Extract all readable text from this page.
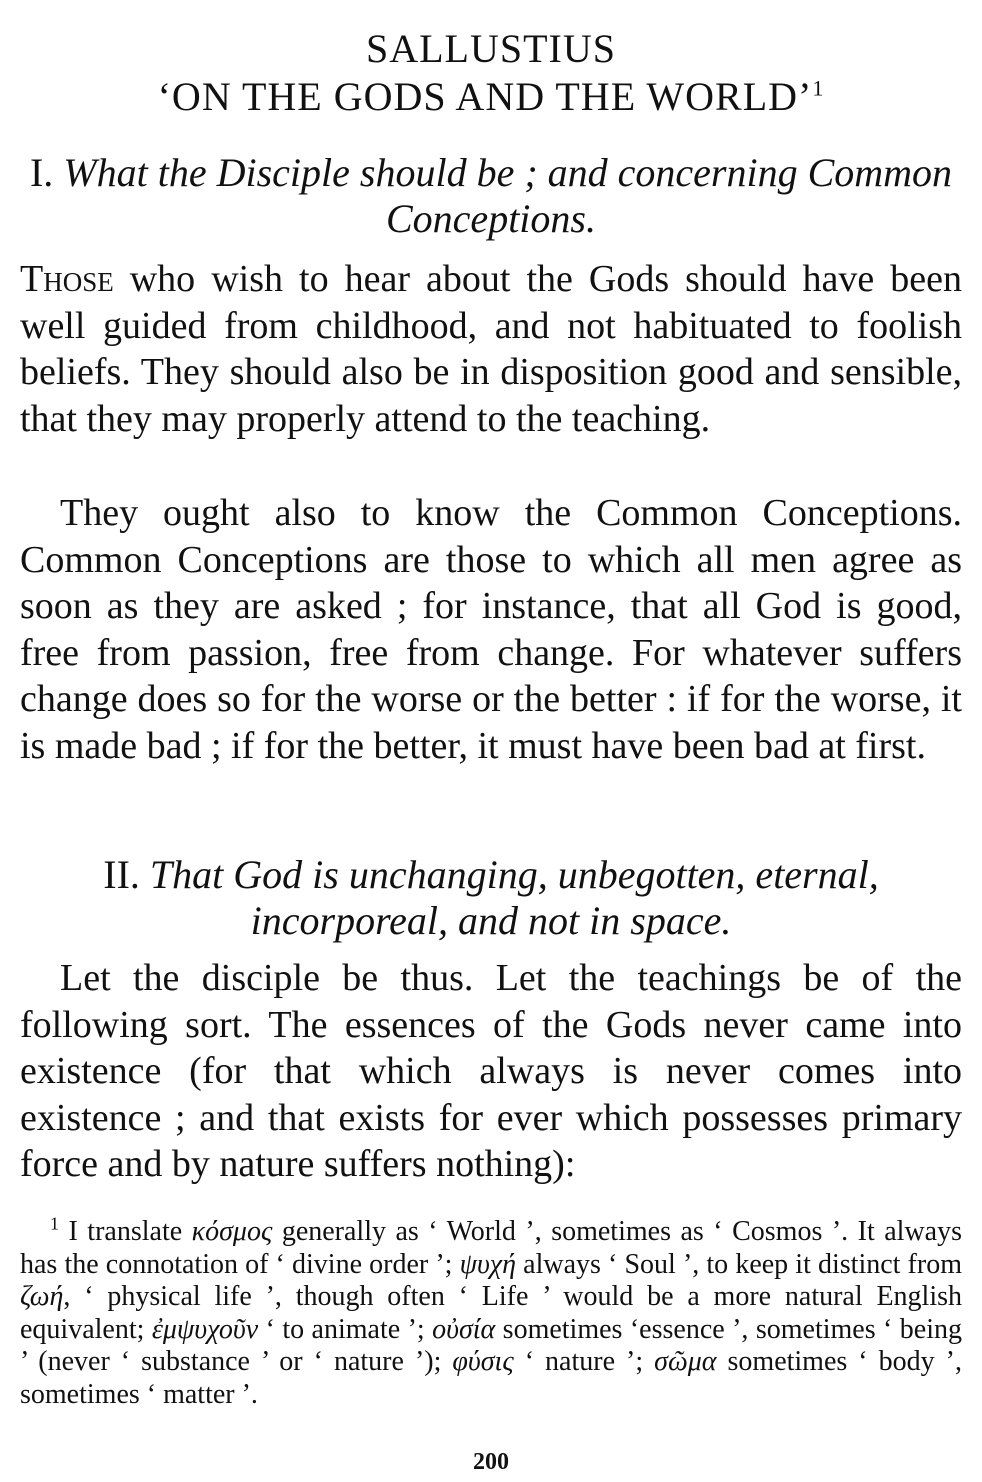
SALLUSTIUS
‘ON THE GODS AND THE WORLD’$^1$
I. What the Disciple should be ; and concerning Common Conceptions.

Those who wish to hear about the Gods should have been well guided from childhood, and not habituated to foolish beliefs. They should also be in disposition good and sensible, that they may properly attend to the teaching.

They ought also to know the Common Conceptions. Common Conceptions are those to which all men agree as soon as they are asked ; for instance, that all God is good, free from passion, free from change. For whatever suffers change does so for the worse or the better : if for the worse, it is made bad ; if for the better, it must have been bad at first.

II. That God is unchanging, unbegotten, eternal, incorporeal, and not in space.

Let the disciple be thus. Let the teachings be of the following sort. The essences of the Gods never came into existence (for that which always is never comes into existence ; and that exists for ever which possesses primary force and by nature suffers nothing):

$^1$ I translate κόσμος generally as ‘ World ’, sometimes as ‘ Cosmos ’. It always has the connotation of ‘ divine order ’; ψυχή always ‘ Soul ’, to keep it distinct from ζωή, ‘ physical life ’, though often ‘ Life ’ would be a more natural English equivalent; ἐμψυχοῦν ‘ to animate ’; οὐσία sometimes ‘essence ’, sometimes ‘ being ’ (never ‘ substance ’ or ‘ nature ’); φύσις ‘ nature ’; σῶμα sometimes ‘ body ’, sometimes ‘ matter ’.

200
